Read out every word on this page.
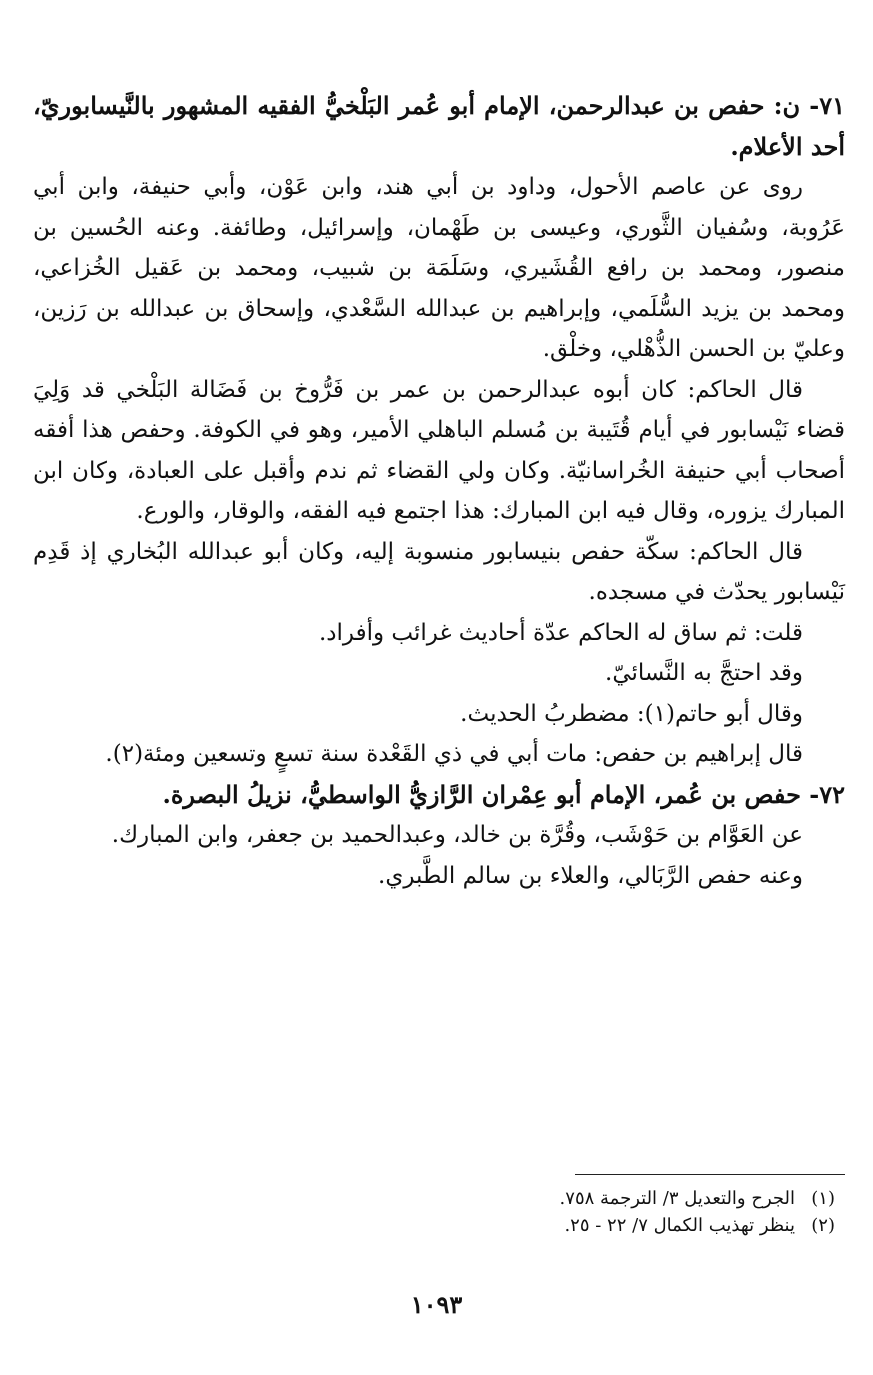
٧١- ن: حفص بن عبدالرحمن، الإمام أبو عُمر البَلْخيُّ الفقيه المشهور بالنَّيسابوريّ، أحد الأعلام.

روى عن عاصم الأحول، وداود بن أبي هند، وابن عَوْن، وأبي حنيفة، وابن أبي عَرُوبة، وسُفيان الثَّوري، وعيسى بن طَهْمان، وإسرائيل، وطائفة. وعنه الحُسين بن منصور، ومحمد بن رافع القُشَيري، وسَلَمَة بن شبيب، ومحمد بن عَقيل الخُزاعي، ومحمد بن يزيد السُّلَمي، وإبراهيم بن عبدالله السَّعْدي، وإسحاق بن عبدالله بن رَزين، وعليّ بن الحسن الذُّهْلي، وخلْق.

قال الحاكم: كان أبوه عبدالرحمن بن عمر بن فَرُّوخ بن فَضَالة البَلْخي قد وَلِيَ قضاء نَيْسابور في أيام قُتَيبة بن مُسلم الباهلي الأمير، وهو في الكوفة. وحفص هذا أفقه أصحاب أبي حنيفة الخُراسانيّة. وكان ولي القضاء ثم ندم وأقبل على العبادة، وكان ابن المبارك يزوره، وقال فيه ابن المبارك: هذا اجتمع فيه الفقه، والوقار، والورع.

قال الحاكم: سكّة حفص بنيسابور منسوبة إليه، وكان أبو عبدالله البُخاري إذ قَدِم نَيْسابور يحدّث في مسجده.

قلت: ثم ساق له الحاكم عدّة أحاديث غرائب وأفراد.

وقد احتجَّ به النَّسائيّ.

وقال أبو حاتم(١): مضطربُ الحديث.

قال إبراهيم بن حفص: مات أبي في ذي القَعْدة سنة تسعٍ وتسعين ومئة(٢).

٧٢- حفص بن عُمر، الإمام أبو عِمْران الرَّازيُّ الواسطيُّ، نزيلُ البصرة.

عن العَوَّام بن حَوْشَب، وقُرَّة بن خالد، وعبدالحميد بن جعفر، وابن المبارك.

وعنه حفص الرَّبَالي، والعلاء بن سالم الطَّبري.

(١)الجرح والتعديل ٣/ الترجمة ٧٥٨.

(٢)ينظر تهذيب الكمال ٧/ ٢٢ - ٢٥.

١٠٩٣
